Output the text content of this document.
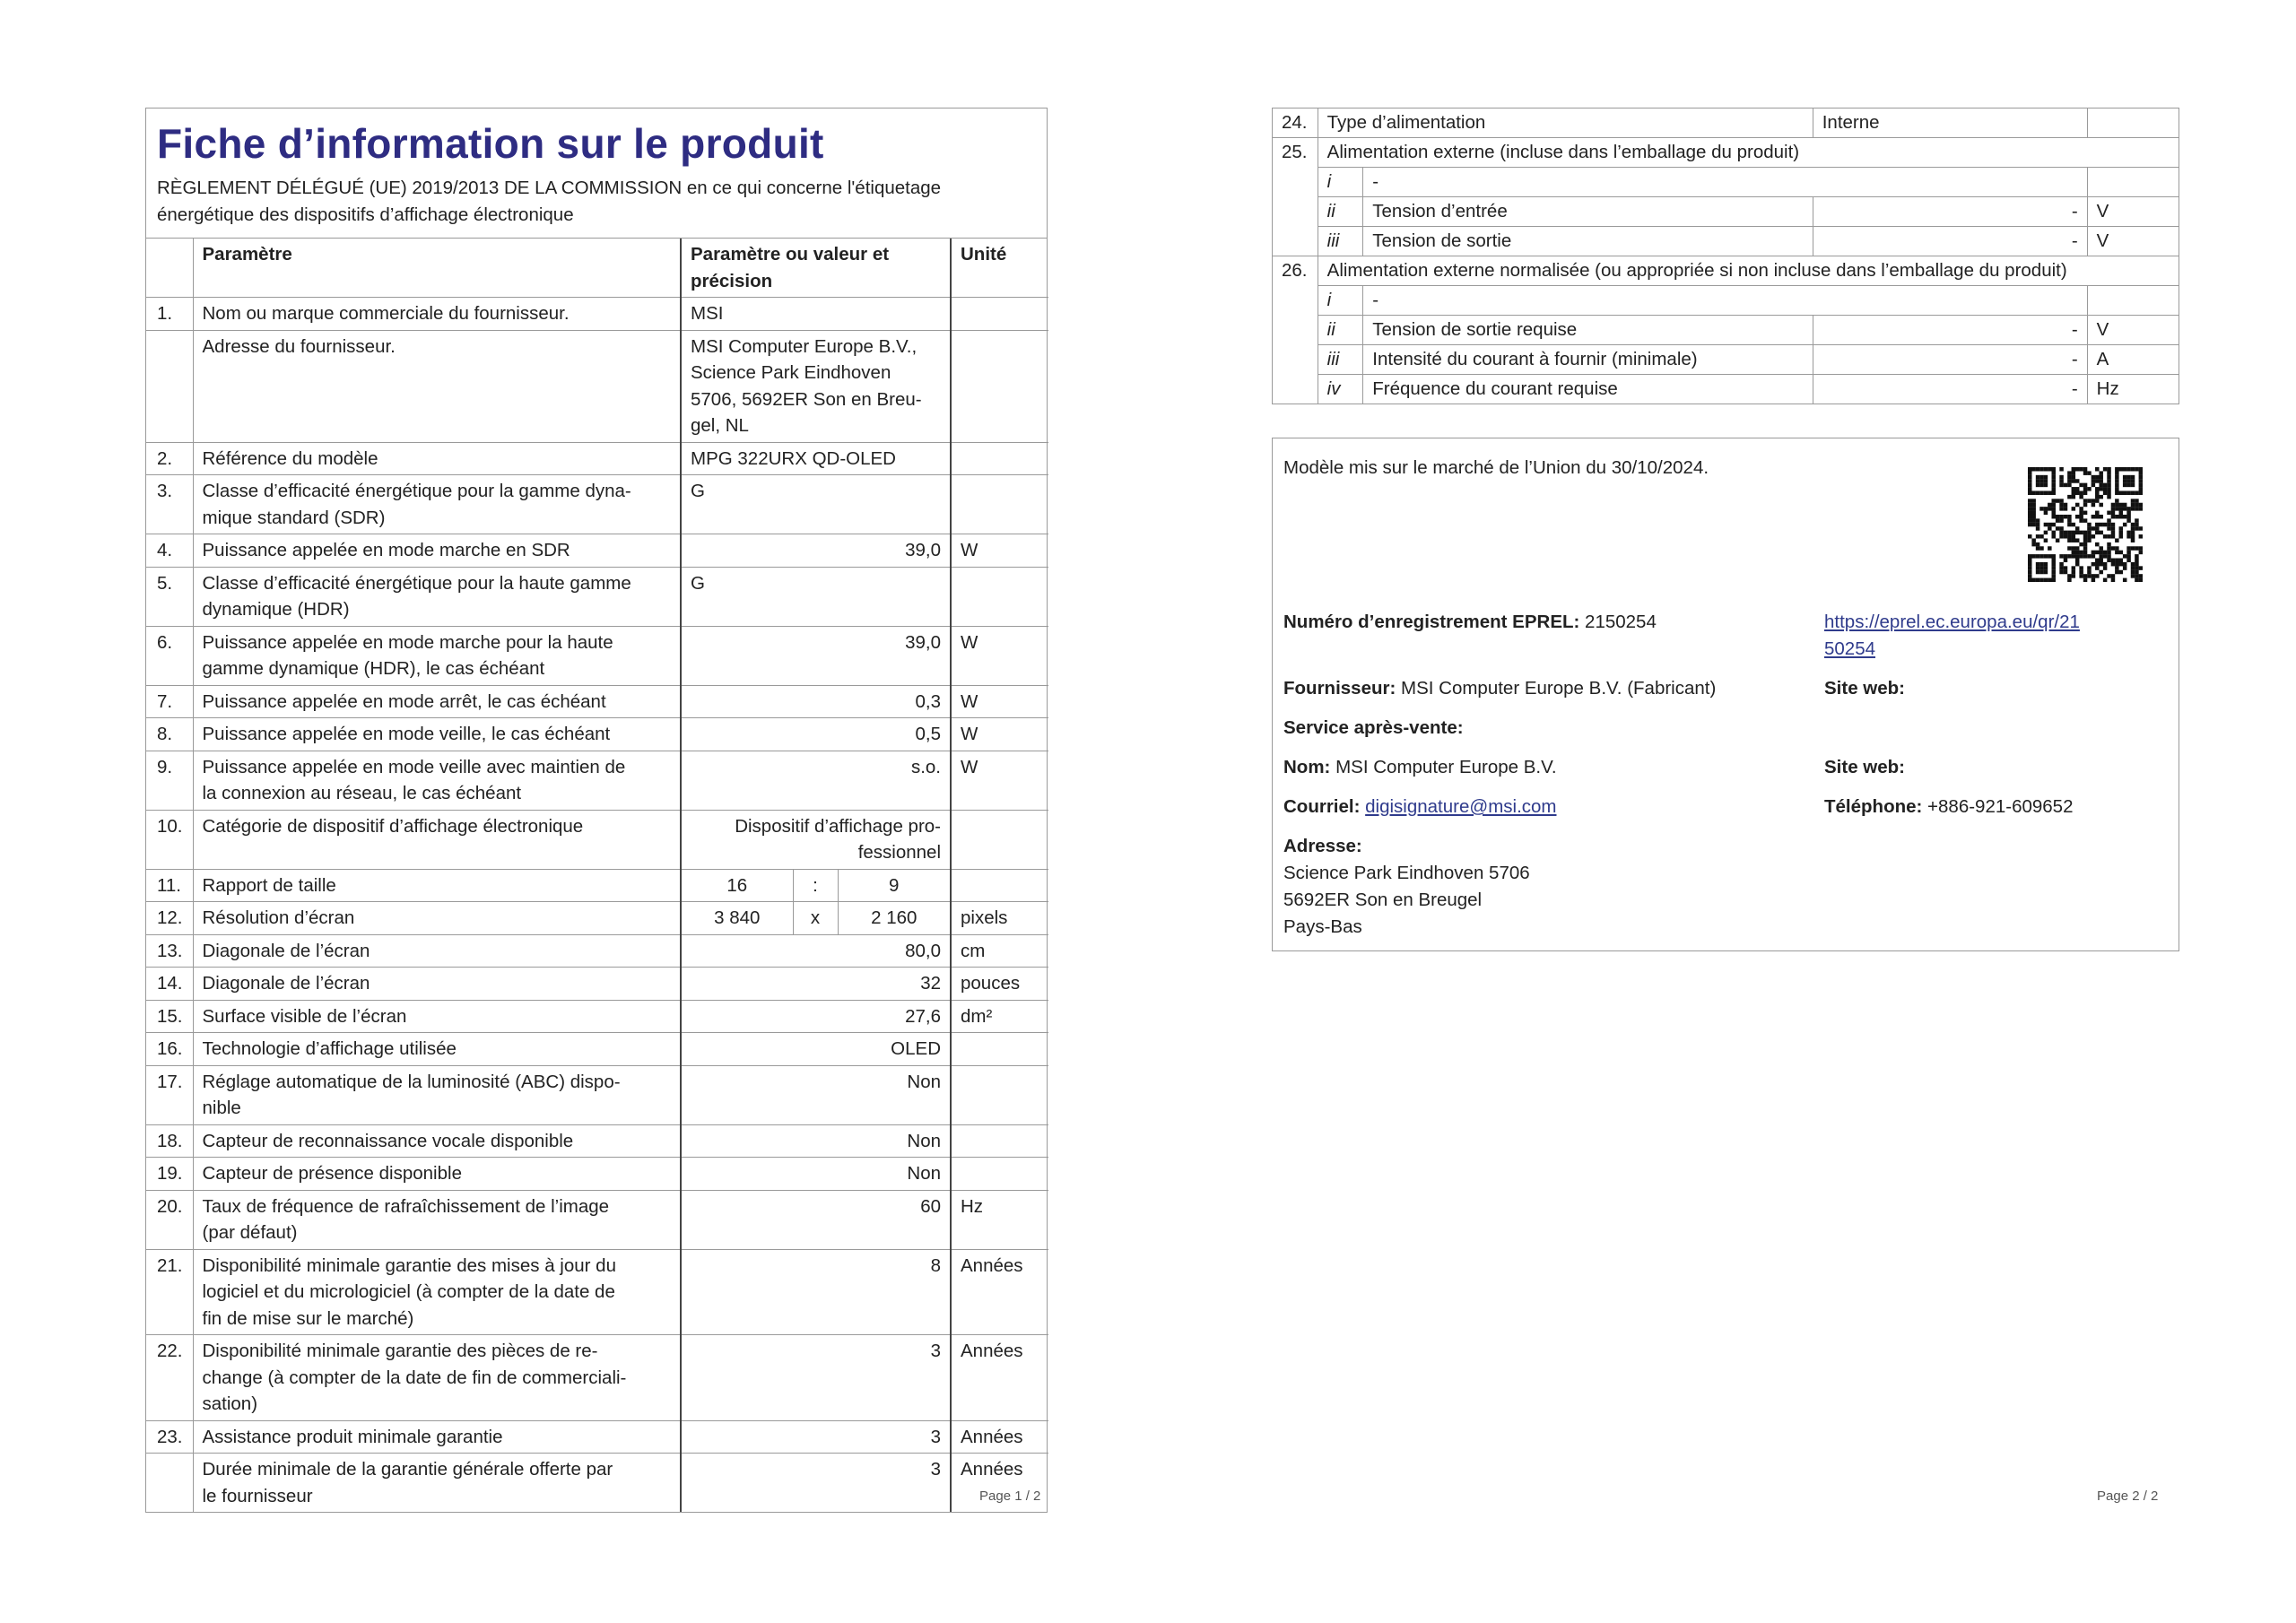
Fiche d’information sur le produit
RÈGLEMENT DÉLÉGUÉ (UE) 2019/2013 DE LA COMMISSION en ce qui concerne l'étiquetage
énergétique des dispositifs d’affichage électronique
	Paramètre	Paramètre ou valeur et
précision			Unité
1.	Nom ou marque commerciale du fournisseur.	MSI			

	Adresse du fournisseur.	MSI Computer Europe B.V.,
Science Park Eindhoven
5706, 5692ER Son en Breu-
gel, NL			

2.	Référence du modèle	MPG 322URX QD-OLED			

3.	Classe d’efficacité énergétique pour la gamme dyna-
mique standard (SDR)	G			

4.	Puissance appelée en mode marche en SDR	39,0			W
5.	Classe d’efficacité énergétique pour la haute gamme
dynamique (HDR)	G			

6.	Puissance appelée en mode marche pour la haute
gamme dynamique (HDR), le cas échéant	39,0			W
7.	Puissance appelée en mode arrêt, le cas échéant	0,3			W
8.	Puissance appelée en mode veille, le cas échéant	0,5			W
9.	Puissance appelée en mode veille avec maintien de
la connexion au réseau, le cas échéant	s.o.			W
10.	Catégorie de dispositif d’affichage électronique	Dispositif d’affichage pro-
fessionnel			

11.	Rapport de taille	16	:	9	
12.	Résolution d’écran	3 840	x	2 160	pixels
13.	Diagonale de l’écran	80,0			cm
14.	Diagonale de l’écran	32			pouces
15.	Surface visible de l’écran	27,6			dm²
16.	Technologie d’affichage utilisée	OLED			

17.	Réglage automatique de la luminosité (ABC) dispo-
nible	Non			

18.	Capteur de reconnaissance vocale disponible	Non			

19.	Capteur de présence disponible	Non			

20.	Taux de fréquence de rafraîchissement de l’image
(par défaut)	60			Hz
21.	Disponibilité minimale garantie des mises à jour du
logiciel et du micrologiciel (à compter de la date de
fin de mise sur le marché)	8			Années
22.	Disponibilité minimale garantie des pièces de re-
change (à compter de la date de fin de commerciali-
sation)	3			Années
23.	Assistance produit minimale garantie	3			Années

	Durée minimale de la garantie générale offerte par
le fournisseur	3			Années
Page 1 / 2
24.	Type d’alimentation		Interne	
25.	Alimentation externe (incluse dans l’emballage du produit)			
	i	-		
	ii	Tension d’entrée	-	V
	iii	Tension de sortie	-	V
26.	Alimentation externe normalisée (ou appropriée si non incluse dans l’emballage du produit)			
	i	-		
	ii	Tension de sortie requise	-	V
	iii	Intensité du courant à fournir (minimale)	-	A
	iv	Fréquence du courant requise	-	Hz
Modèle mis sur le marché de l’Union du 30/10/2024.
Numéro d’enregistrement EPREL: 2150254	https://eprel.ec.europa.eu/qr/21
50254
Fournisseur: MSI Computer Europe B.V. (Fabricant)	Site web:
Service après-vente:
Nom: MSI Computer Europe B.V.	Site web:
Courriel: digisignature@msi.com	Téléphone: +886-921-609652
Adresse:
Science Park Eindhoven 5706
5692ER Son en Breugel
Pays-Bas
Page 2 / 2
